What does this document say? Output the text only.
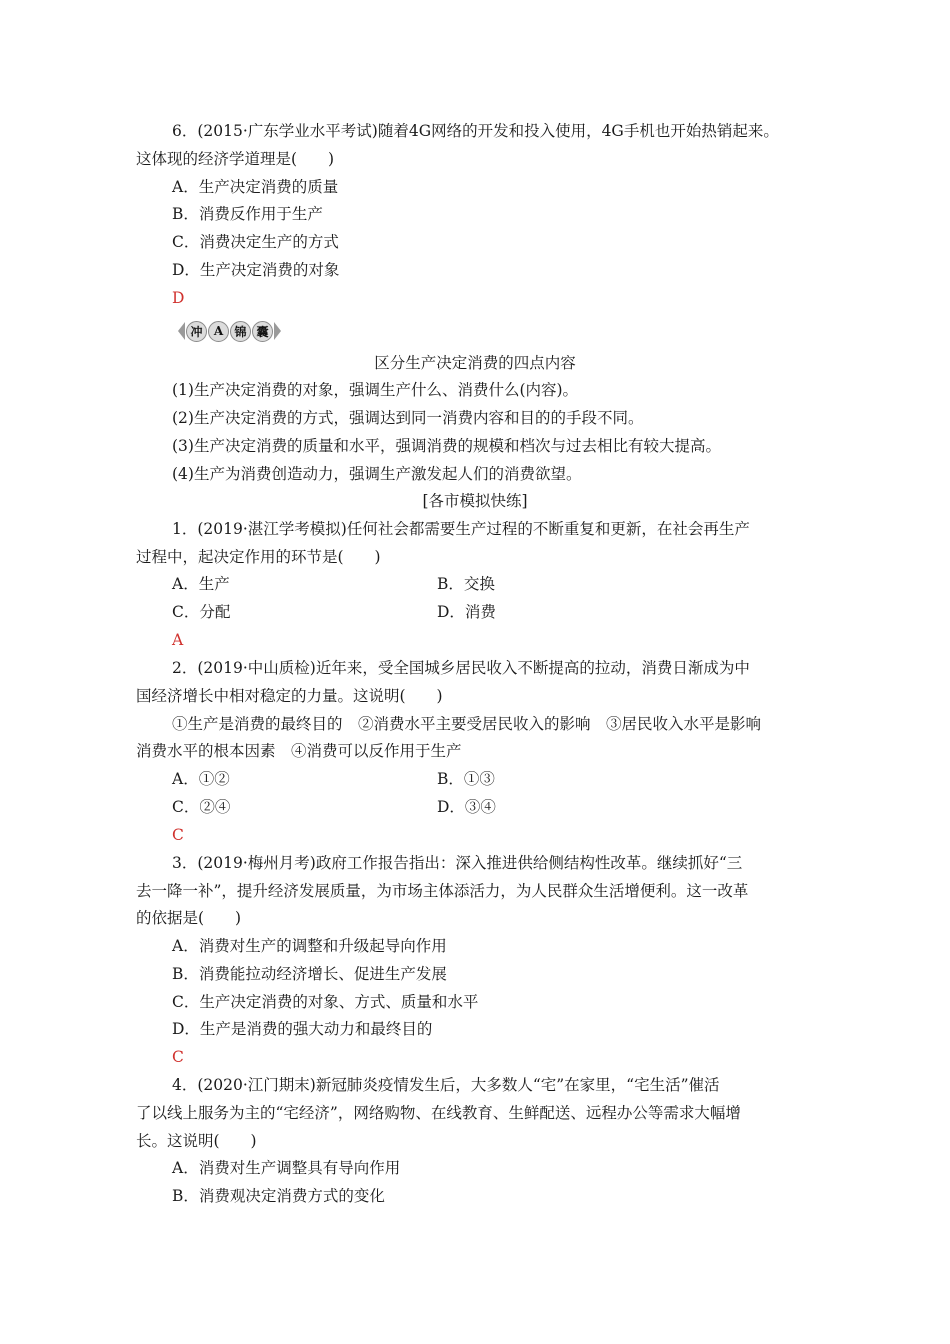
6．(2015·广东学业水平考试)随着4G网络的开发和投入使用，4G手机也开始热销起来。
这体现的经济学道理是(　　)
A．生产决定消费的质量
B．消费反作用于生产
C．消费决定生产的方式
D．生产决定消费的对象
D
冲 A 锦 囊
区分生产决定消费的四点内容
(1)生产决定消费的对象，强调生产什么、消费什么(内容)。
(2)生产决定消费的方式，强调达到同一消费内容和目的的手段不同。
(3)生产决定消费的质量和水平，强调消费的规模和档次与过去相比有较大提高。
(4)生产为消费创造动力，强调生产激发起人们的消费欲望。
[各市模拟快练]
1．(2019·湛江学考模拟)任何社会都需要生产过程的不断重复和更新，在社会再生产
过程中，起决定作用的环节是(　　)
A．生产	B．交换
C．分配	D．消费
A
2．(2019·中山质检)近年来，受全国城乡居民收入不断提高的拉动，消费日渐成为中
国经济增长中相对稳定的力量。这说明(　　)
①生产是消费的最终目的　②消费水平主要受居民收入的影响　③居民收入水平是影响
消费水平的根本因素　④消费可以反作用于生产
A．①②	B．①③
C．②④	D．③④
C
3．(2019·梅州月考)政府工作报告指出：深入推进供给侧结构性改革。继续抓好“三
去一降一补”，提升经济发展质量，为市场主体添活力，为人民群众生活增便利。这一改革
的依据是(　　)
A．消费对生产的调整和升级起导向作用
B．消费能拉动经济增长、促进生产发展
C．生产决定消费的对象、方式、质量和水平
D．生产是消费的强大动力和最终目的
C
4．(2020·江门期末)新冠肺炎疫情发生后，大多数人“宅”在家里，“宅生活”催活
了以线上服务为主的“宅经济”，网络购物、在线教育、生鲜配送、远程办公等需求大幅增
长。这说明(　　)
A．消费对生产调整具有导向作用
B．消费观决定消费方式的变化
